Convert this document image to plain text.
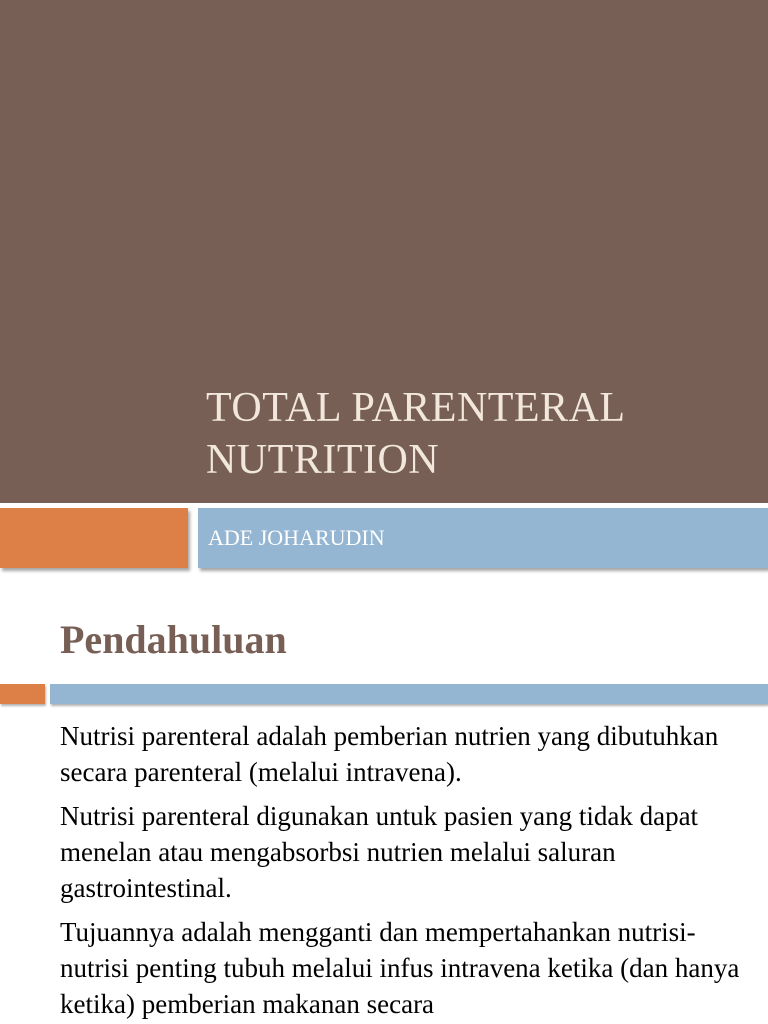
TOTAL PARENTERAL
NUTRITION

ADE JOHARUDIN

Pendahuluan
Nutrisi parenteral adalah pemberian nutrien yang dibutuhkan secara parenteral (melalui intravena).
Nutrisi parenteral digunakan untuk pasien yang tidak dapat menelan atau mengabsorbsi nutrien melalui saluran gastrointestinal.
Tujuannya adalah mengganti dan mempertahankan nutrisi-nutrisi penting tubuh melalui infus intravena ketika (dan hanya ketika) pemberian makanan secara
